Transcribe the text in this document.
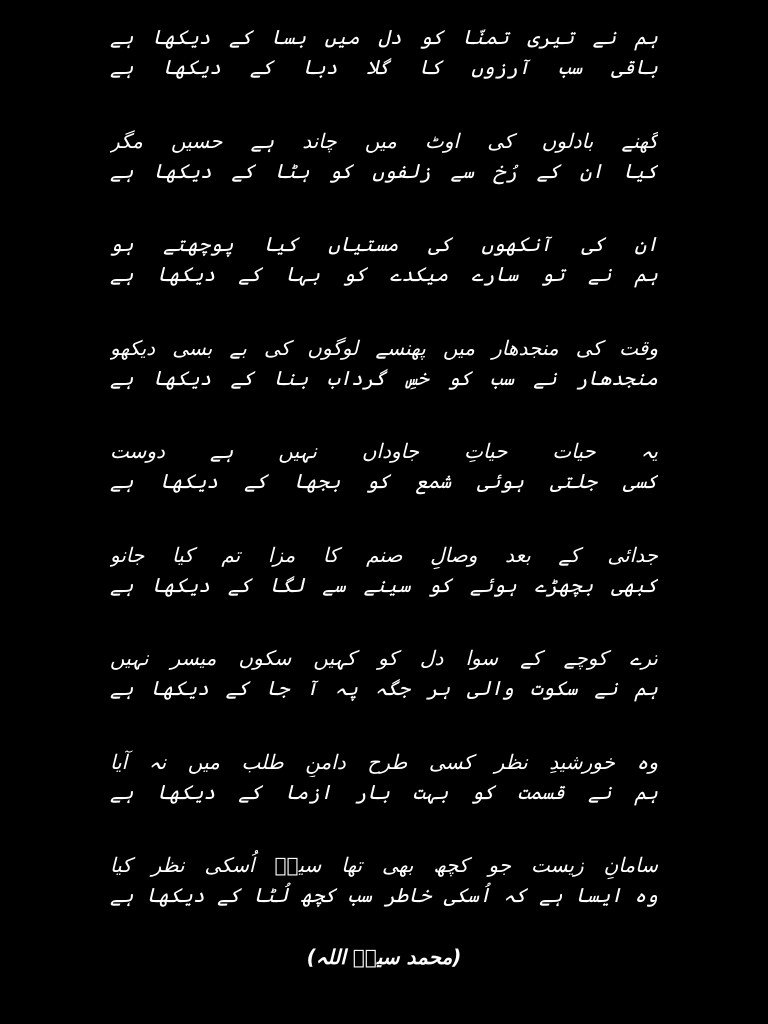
ہم نے تیری تمنّا کو دل میں بسا کے دیکھا ہے
باقی سب آرزوں کا گلا دبا کے دیکھا ہے
گھنے بادلوں کی اوٹ میں چاند ہے حسیں مگر
کیا ان کے رُخ سے زلفوں کو ہٹا کے دیکھا ہے
ان کی آنکھوں کی مستیاں کیا پوچھتے ہو
ہم نے تو سارے میکدے کو بہا کے دیکھا ہے
وقت کی منجدھار میں پھنسے لوگوں کی بے بسی دیکھو
منجدھار نے سب کو خسِ گرداب بنا کے دیکھا ہے
یہ حیات حیاتِ جاوداں نہیں ہے دوست
کسی جلتی ہوئی شمع کو بجھا کے دیکھا ہے
جدائی کے بعد وصالِ صنم کا مزا تم کیا جانو
کبھی بچھڑے ہوئے کو سینے سے لگا کے دیکھا ہے
ترے کوچے کے سوا دل کو کہیں سکوں میسر نہیں
ہم نے سکوت والی ہر جگہ پہ آ جا کے دیکھا ہے
وہ خورشیدِ نظر کسی طرح دامنِ طلب میں نہ آیا
ہم نے قسمت کو بہت بار ازما کے دیکھا ہے
سامانِ زیست جو کچھ بھی تھا سیفؔ اُسکی نظر کیا
وہ ایسا ہے کہ اُسکی خاطر سب کچھ لُٹا کے دیکھا ہے
(محمد سیفؔ اللہ)
